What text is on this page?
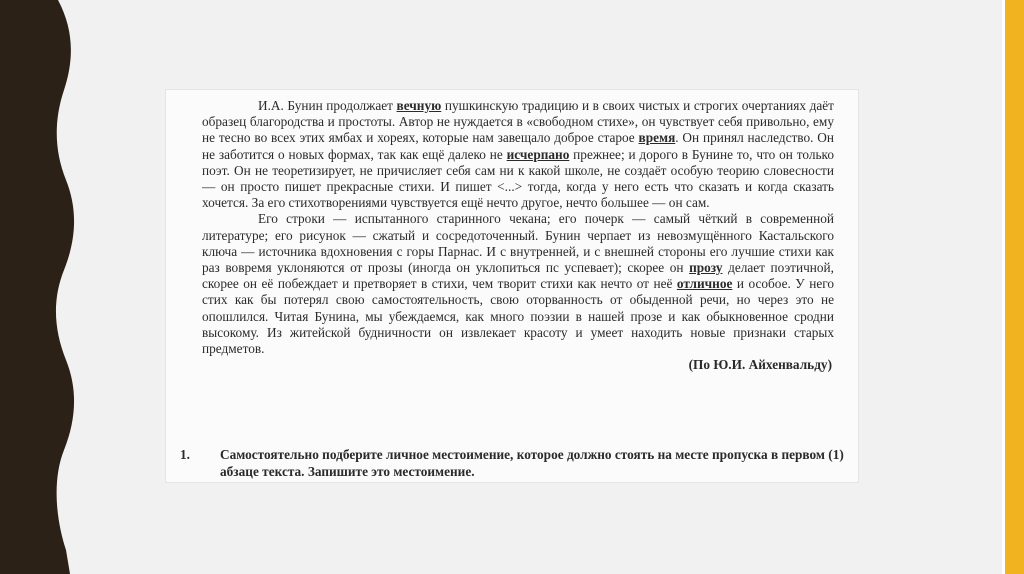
И.А. Бунин продолжает вечную пушкинскую традицию и в своих чистых и строгих очертаниях даёт образец благородства и простоты. Автор не нуждается в «свободном стихе», он чувствует себя привольно, ему не тесно во всех этих ямбах и хореях, которые нам завещало доброе старое время. Он принял наследство. Он не заботится о новых формах, так как ещё далеко не исчерпано прежнее; и дорого в Бунине то, что он только поэт. Он не теоретизирует, не причисляет себя сам ни к какой школе, не создаёт особую теорию словесности — он просто пишет прекрасные стихи. И пишет <...> тогда, когда у него есть что сказать и когда сказать хочется. За его стихотворениями чувствуется ещё нечто другое, нечто большее — он сам.

Его строки — испытанного старинного чекана; его почерк — самый чёткий в современной литературе; его рисунок — сжатый и сосредоточенный. Бунин черпает из невозмущённого Кастальского ключа — источника вдохновения с горы Парнас. И с внутренней, и с внешней стороны его лучшие стихи как раз вовремя уклоняются от прозы (иногда он уклопиться пс успевает); скорее он прозу делает поэтичной, скорее он её побеждает и претворяет в стихи, чем творит стихи как нечто от неё отличное и особое. У него стих как бы потерял свою самостоятельность, свою оторванность от обыденной речи, но через это не опошлился. Читая Бунина, мы убеждаемся, как много поэзии в нашей прозе и как обыкновенное сродни высокому. Из житейской будничности он извлекает красоту и умеет находить новые признаки старых предметов.

(По Ю.И. Айхенвальду)

1. Самостоятельно подберите личное местоимение, которое должно стоять на месте пропуска в первом (1) абзаце текста. Запишите это местоимение.
